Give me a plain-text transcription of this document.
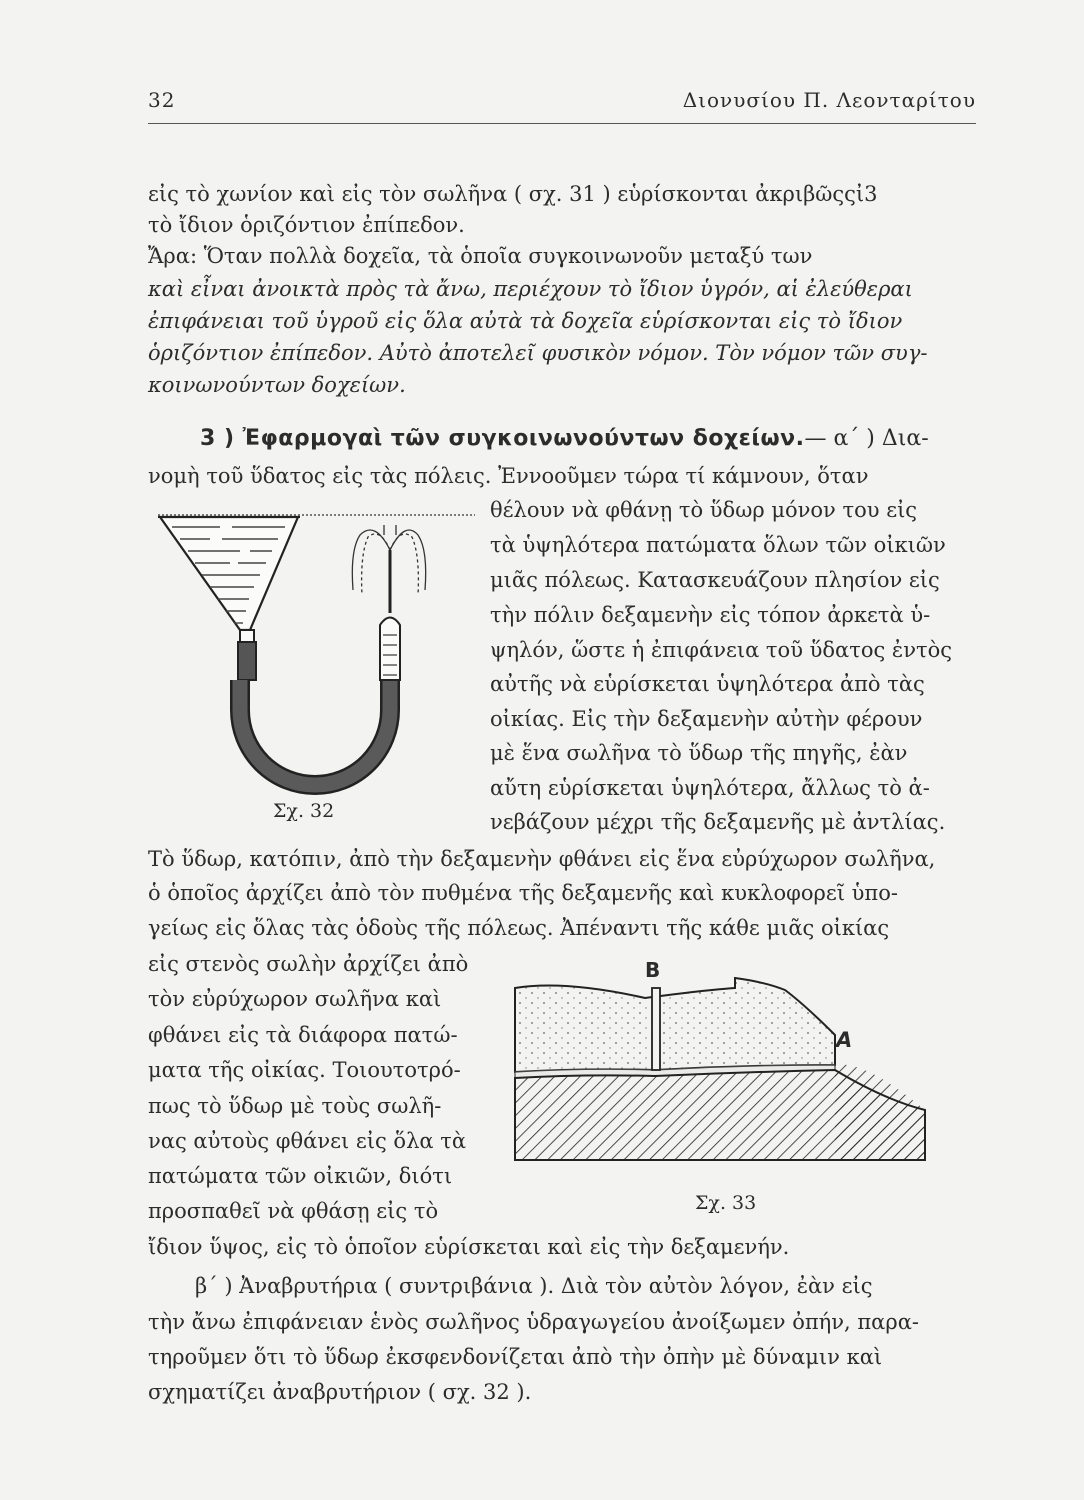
32	Διονυσίου Π. Λεονταρίτου
εἰς τὸ χωνίον καὶ εἰς τὸν σωλῆνα ( σχ. 31 ) εὑρίσκονται ἀκριβῶςςἰ3
τὸ ἴδιον ὁριζόντιον ἐπίπεδον.
Ἄρα: Ὅταν πολλὰ δοχεῖα, τὰ ὁποῖα συγκοινωνοῦν μεταξύ των
καὶ εἶναι ἀνοικτὰ πρὸς τὰ ἄνω, περιέχουν τὸ ἴδιον ὑγρόν, αἱ ἐλεύθεραι
ἐπιφάνειαι τοῦ ὑγροῦ εἰς ὅλα αὐτὰ τὰ δοχεῖα εὑρίσκονται εἰς τὸ ἴδιον
ὁριζόντιον ἐπίπεδον. Αὐτὸ ἀποτελεῖ φυσικὸν νόμον. Τὸν νόμον τῶν συγ-
κοινωνούντων δοχείων.
3 ) Ἐφαρμογαὶ τῶν συγκοινωνούντων δοχείων.— α΄ ) Δια-
νομὴ τοῦ ὕδατος εἰς τὰς πόλεις. Ἐννοοῦμεν τώρα τί κάμνουν, ὅταν
Σχ. 32
θέλουν νὰ φθάνῃ τὸ ὕδωρ μόνον του εἰς
τὰ ὑψηλότερα πατώματα ὅλων τῶν οἰκιῶν
μιᾶς πόλεως. Κατασκευάζουν πλησίον εἰς
τὴν πόλιν δεξαμενὴν εἰς τόπον ἀρκετὰ ὑ-
ψηλόν, ὥστε ἡ ἐπιφάνεια τοῦ ὕδατος ἐντὸς
αὐτῆς νὰ εὑρίσκεται ὑψηλότερα ἀπὸ τὰς
οἰκίας. Εἰς τὴν δεξαμενὴν αὐτὴν φέρουν
μὲ ἕνα σωλῆνα τὸ ὕδωρ τῆς πηγῆς, ἐὰν
αὔτη εὑρίσκεται ὑψηλότερα, ἄλλως τὸ ἀ-
νεβάζουν μέχρι τῆς δεξαμενῆς μὲ ἀντλίας.
Τὸ ὕδωρ, κατόπιν, ἀπὸ τὴν δεξαμενὴν φθάνει εἰς ἕνα εὐρύχωρον σωλῆνα,
ὁ ὁποῖος ἀρχίζει ἀπὸ τὸν πυθμένα τῆς δεξαμενῆς καὶ κυκλοφορεῖ ὑπο-
γείως εἰς ὅλας τὰς ὁδοὺς τῆς πόλεως. Ἀπέναντι τῆς κάθε μιᾶς οἰκίας
εἰς στενὸς σωλὴν ἀρχίζει ἀπὸ
τὸν εὐρύχωρον σωλῆνα καὶ
φθάνει εἰς τὰ διάφορα πατώ-
ματα τῆς οἰκίας. Τοιουτοτρό-
πως τὸ ὕδωρ μὲ τοὺς σωλῆ-
νας αὐτοὺς φθάνει εἰς ὅλα τὰ
πατώματα τῶν οἰκιῶν, διότι
προσπαθεῖ νὰ φθάσῃ εἰς τὸ
Β
A
Σχ. 33
ἴδιον ὕψος, εἰς τὸ ὁποῖον εὑρίσκεται καὶ εἰς τὴν δεξαμενήν.
β΄ ) Ἀναβρυτήρια ( συντριβάνια ). Διὰ τὸν αὐτὸν λόγον, ἐὰν εἰς
τὴν ἄνω ἐπιφάνειαν ἑνὸς σωλῆνος ὑδραγωγείου ἀνοίξωμεν ὀπήν, παρα-
τηροῦμεν ὅτι τὸ ὕδωρ ἐκσφενδονίζεται ἀπὸ τὴν ὀπὴν μὲ δύναμιν καὶ
σχηματίζει ἀναβρυτήριον ( σχ. 32 ).
